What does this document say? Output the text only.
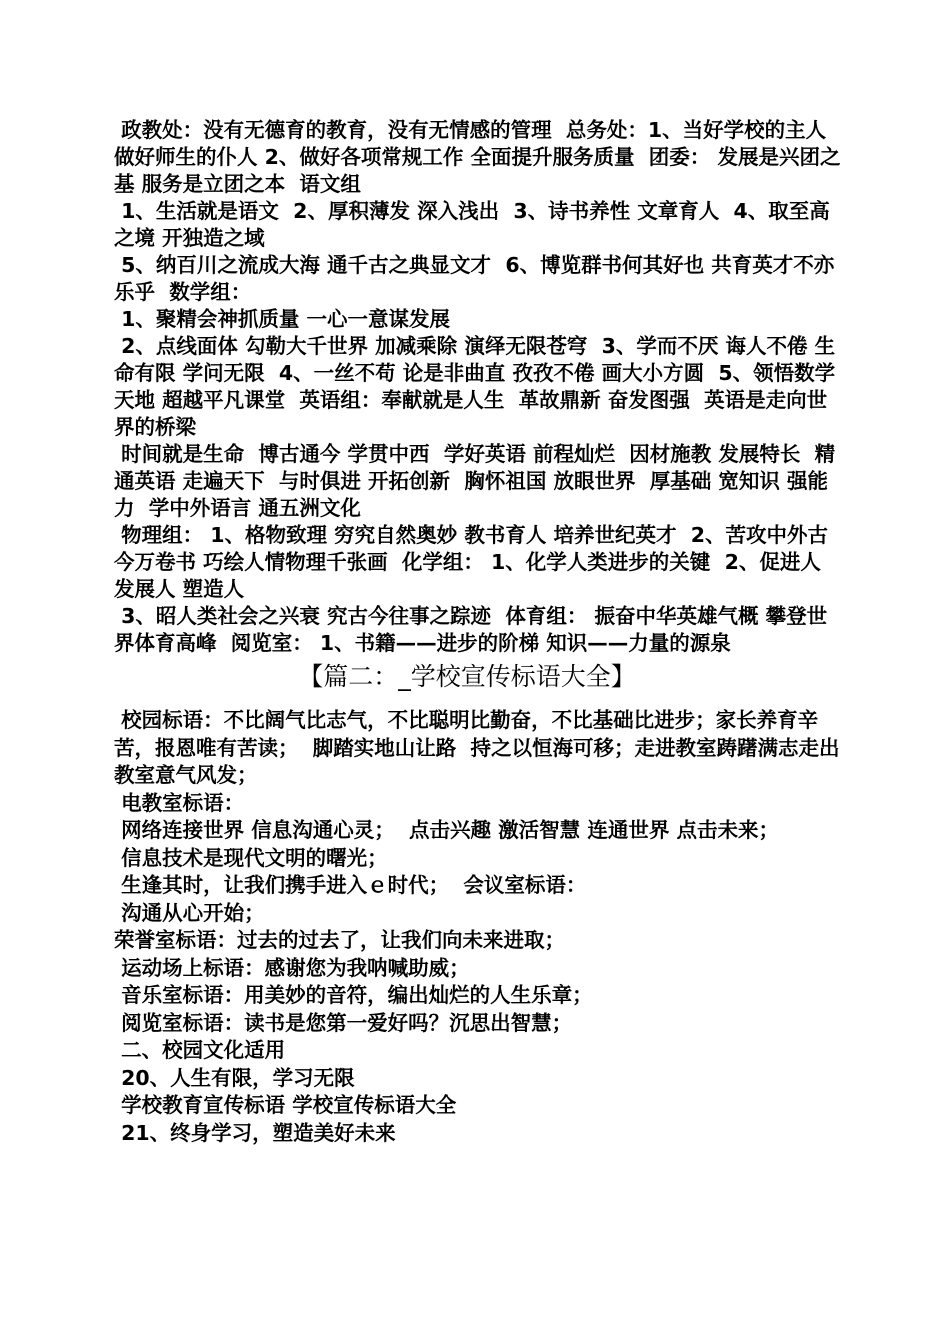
政教处：没有无德育的教育，没有无情感的管理  总务处：1、当好学校的主人 做好师生的仆人 2、做好各项常规工作 全面提升服务质量  团委： 发展是兴团之基 服务是立团之本  语文组

1、生活就是语文  2、厚积薄发 深入浅出  3、诗书养性 文章育人  4、取至高之境 开独造之域

5、纳百川之流成大海 通千古之典显文才  6、博览群书何其好也 共育英才不亦乐乎  数学组：

1、聚精会神抓质量 一心一意谋发展

2、点线面体 勾勒大千世界 加减乘除 演绎无限苍穹  3、学而不厌 诲人不倦 生命有限 学问无限  4、一丝不苟 论是非曲直 孜孜不倦 画大小方圆  5、领悟数学天地 超越平凡课堂  英语组：奉献就是人生  革故鼎新 奋发图强  英语是走向世界的桥梁

时间就是生命  博古通今 学贯中西  学好英语 前程灿烂  因材施教 发展特长  精通英语 走遍天下  与时俱进 开拓创新  胸怀祖国 放眼世界  厚基础 宽知识 强能力  学中外语言 通五洲文化

物理组： 1、格物致理 穷究自然奥妙 教书育人 培养世纪英才  2、苦攻中外古今万卷书 巧绘人情物理千张画  化学组： 1、化学人类进步的关键  2、促进人 发展人 塑造人

3、昭人类社会之兴衰 究古今往事之踪迹  体育组： 振奋中华英雄气概 攀登世界体育高峰  阅览室： 1、书籍——进步的阶梯 知识——力量的源泉

【篇二：_学校宣传标语大全】

校园标语：不比阔气比志气，不比聪明比勤奋，不比基础比进步；家长养育辛苦，报恩唯有苦读；  脚踏实地山让路  持之以恒海可移；走进教室踌躇满志走出教室意气风发；

电教室标语：

网络连接世界 信息沟通心灵；  点击兴趣 激活智慧 连通世界 点击未来；

信息技术是现代文明的曙光；

生逢其时，让我们携手进入ｅ时代；  会议室标语：

沟通从心开始；

荣誉室标语：过去的过去了，让我们向未来进取；

运动场上标语：感谢您为我呐喊助威；

音乐室标语：用美妙的音符，编出灿烂的人生乐章；

阅览室标语：读书是您第一爱好吗？沉思出智慧；

二、校园文化适用

20、人生有限，学习无限

学校教育宣传标语 学校宣传标语大全

21、终身学习，塑造美好未来
